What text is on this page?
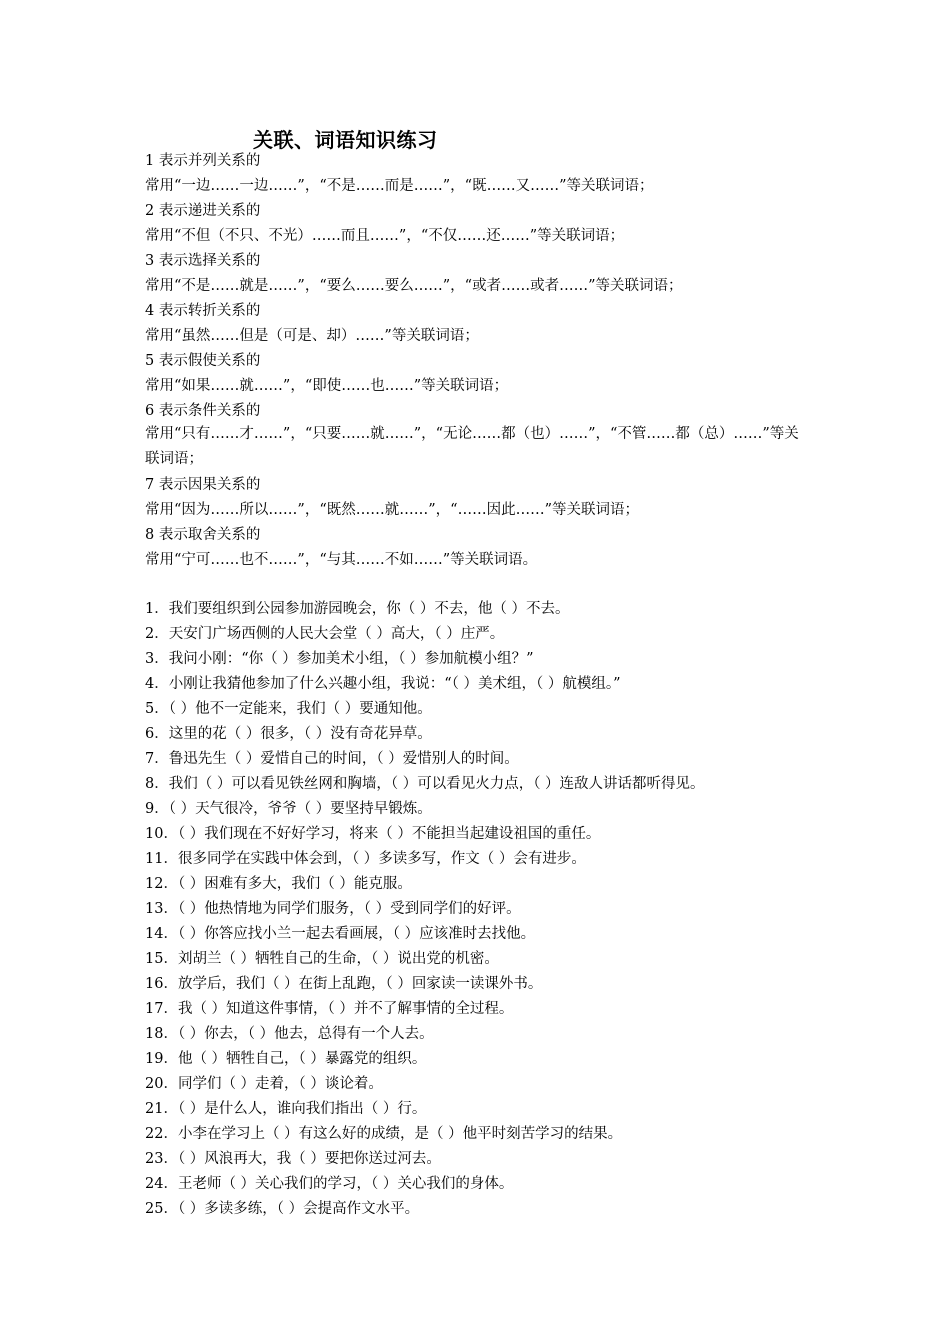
关联、词语知识练习
1 表示并列关系的
常用“一边……一边……”，“不是……而是……”，“既……又……”等关联词语；
2 表示递进关系的
常用“不但（不只、不光）……而且……”，“不仅……还……”等关联词语；
3 表示选择关系的
常用“不是……就是……”，“要么……要么……”，“或者……或者……”等关联词语；
4 表示转折关系的
常用“虽然……但是（可是、却）……”等关联词语；
5 表示假使关系的
常用“如果……就……”，“即使……也……”等关联词语；
6 表示条件关系的
常用“只有……才……”，“只要……就……”，“无论……都（也）……”，“不管……都（总）……”等关联词语；
7 表示因果关系的
常用“因为……所以……”，“既然……就……”，“……因此……”等关联词语；
8 表示取舍关系的
常用“宁可……也不……”，“与其……不如……”等关联词语。
1．我们要组织到公园参加游园晚会，你（ ）不去，他（ ）不去。
2．天安门广场西侧的人民大会堂（ ）高大，（ ）庄严。
3．我问小刚：“你（ ）参加美术小组，（ ）参加航模小组？”
4．小刚让我猜他参加了什么兴趣小组，我说：“（ ）美术组，（ ）航模组。”
5．（ ）他不一定能来，我们（ ）要通知他。
6．这里的花（ ）很多，（ ）没有奇花异草。
7．鲁迅先生（ ）爱惜自己的时间，（ ）爱惜别人的时间。
8．我们（ ）可以看见铁丝网和胸墙，（ ）可以看见火力点，（ ）连敌人讲话都听得见。
9．（ ）天气很冷，爷爷（ ）要坚持早锻炼。
10．（ ）我们现在不好好学习，将来（ ）不能担当起建设祖国的重任。
11．很多同学在实践中体会到，（ ）多读多写，作文（ ）会有进步。
12．（ ）困难有多大，我们（ ）能克服。
13．（ ）他热情地为同学们服务，（ ）受到同学们的好评。
14．（ ）你答应找小兰一起去看画展，（ ）应该准时去找他。
15．刘胡兰（ ）牺牲自己的生命，（ ）说出党的机密。
16．放学后，我们（ ）在街上乱跑，（ ）回家读一读课外书。
17．我（ ）知道这件事情，（ ）并不了解事情的全过程。
18．（ ）你去，（ ）他去，总得有一个人去。
19．他（ ）牺牲自己，（ ）暴露党的组织。
20．同学们（ ）走着，（ ）谈论着。
21．（ ）是什么人，谁向我们指出（ ）行。
22．小李在学习上（ ）有这么好的成绩，是（ ）他平时刻苦学习的结果。
23．（ ）风浪再大，我（ ）要把你送过河去。
24．王老师（ ）关心我们的学习，（ ）关心我们的身体。
25．（ ）多读多练，（ ）会提高作文水平。
